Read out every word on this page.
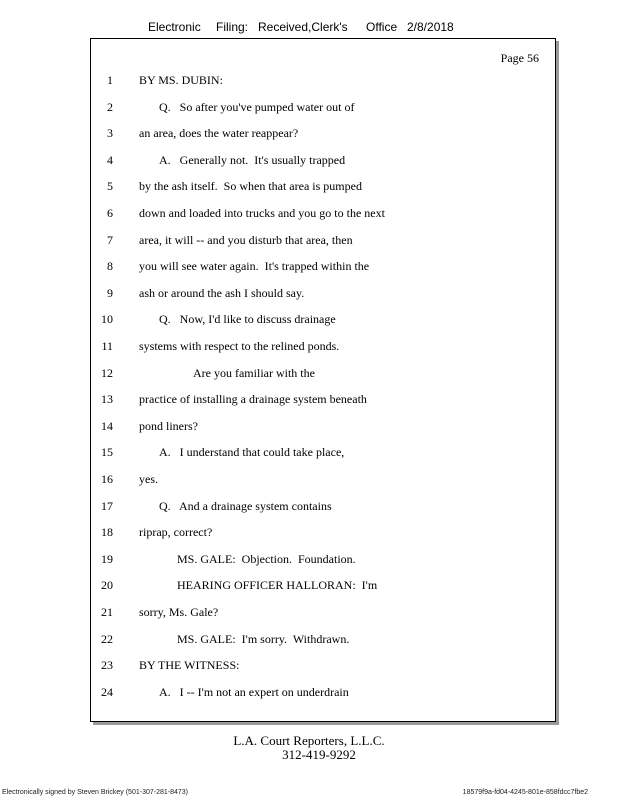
Electronic Filing: Received,Clerk's Office 2/8/2018
Page 56
1 BY MS. DUBIN:
2	Q.   So after you've pumped water out of
3 an area, does the water reappear?
4	A.   Generally not.  It's usually trapped
5 by the ash itself.  So when that area is pumped
6 down and loaded into trucks and you go to the next
7 area, it will -- and you disturb that area, then
8 you will see water again.  It's trapped within the
9 ash or around the ash I should say.
10	Q.   Now, I'd like to discuss drainage
11 systems with respect to the relined ponds.
12	Are you familiar with the
13 practice of installing a drainage system beneath
14 pond liners?
15	A.   I understand that could take place,
16 yes.
17	Q.   And a drainage system contains
18 riprap, correct?
19	MS. GALE:  Objection.  Foundation.
20	HEARING OFFICER HALLORAN:  I'm
21 sorry, Ms. Gale?
22	MS. GALE:  I'm sorry.  Withdrawn.
23 BY THE WITNESS:
24	A.   I -- I'm not an expert on underdrain
L.A. Court Reporters, L.L.C.
312-419-9292
Electronically signed by Steven Brickey (501-307-281-8473)	18579f9a-fd04-4245-801e-858fdcc7fbe2
